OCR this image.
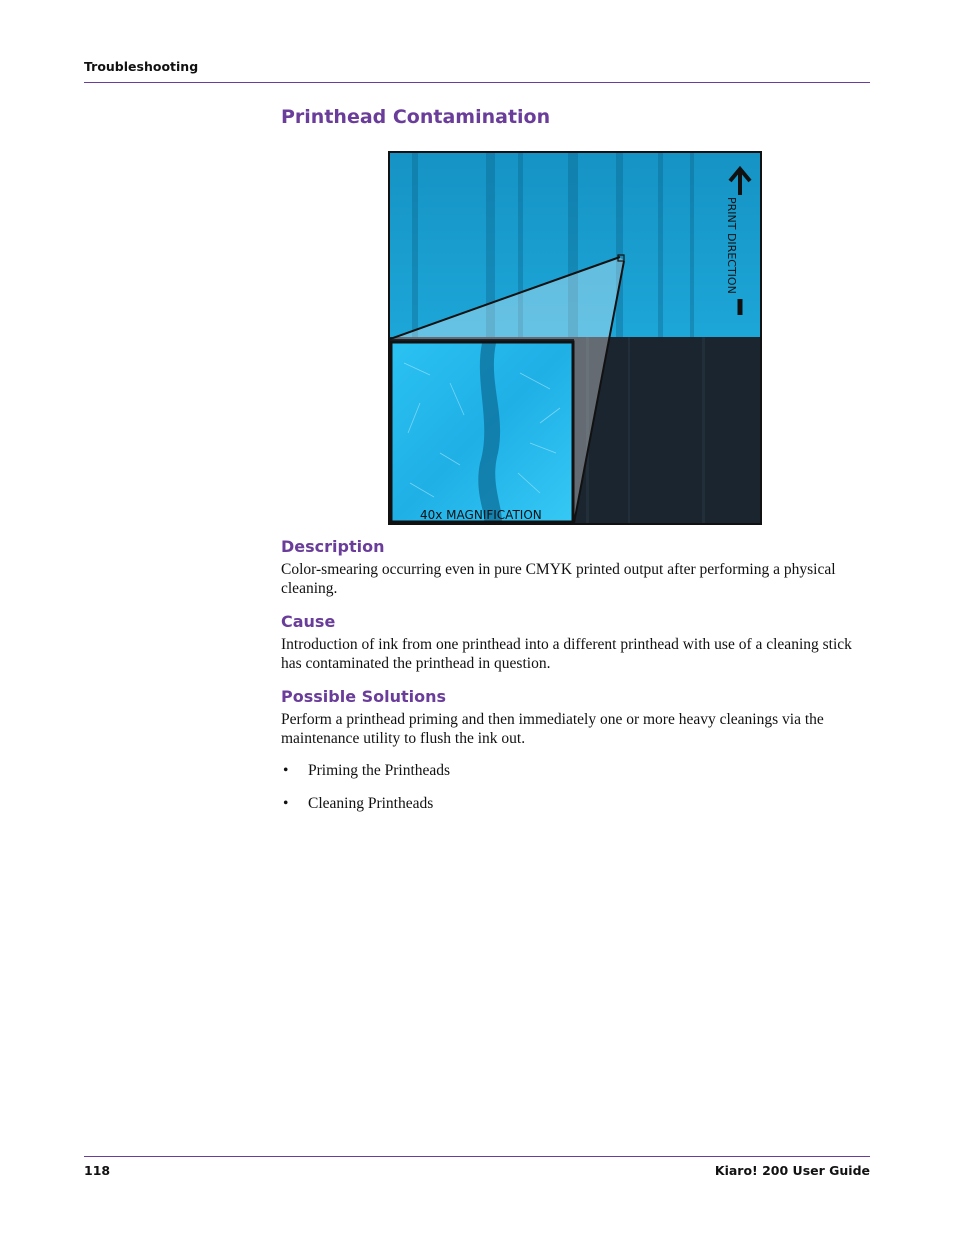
Troubleshooting
Printhead Contamination
PRINT DIRECTION
40x MAGNIFICATION
Description

Color-smearing occurring even in pure CMYK printed output after performing a physical cleaning.

Cause

Introduction of ink from one printhead into a different printhead with use of a cleaning stick has contaminated the printhead in question.

Possible Solutions

Perform a printhead priming and then immediately one or more heavy cleanings via the maintenance utility to flush the ink out.

• Priming the Printheads
• Cleaning Printheads
118	Kiaro! 200 User Guide
